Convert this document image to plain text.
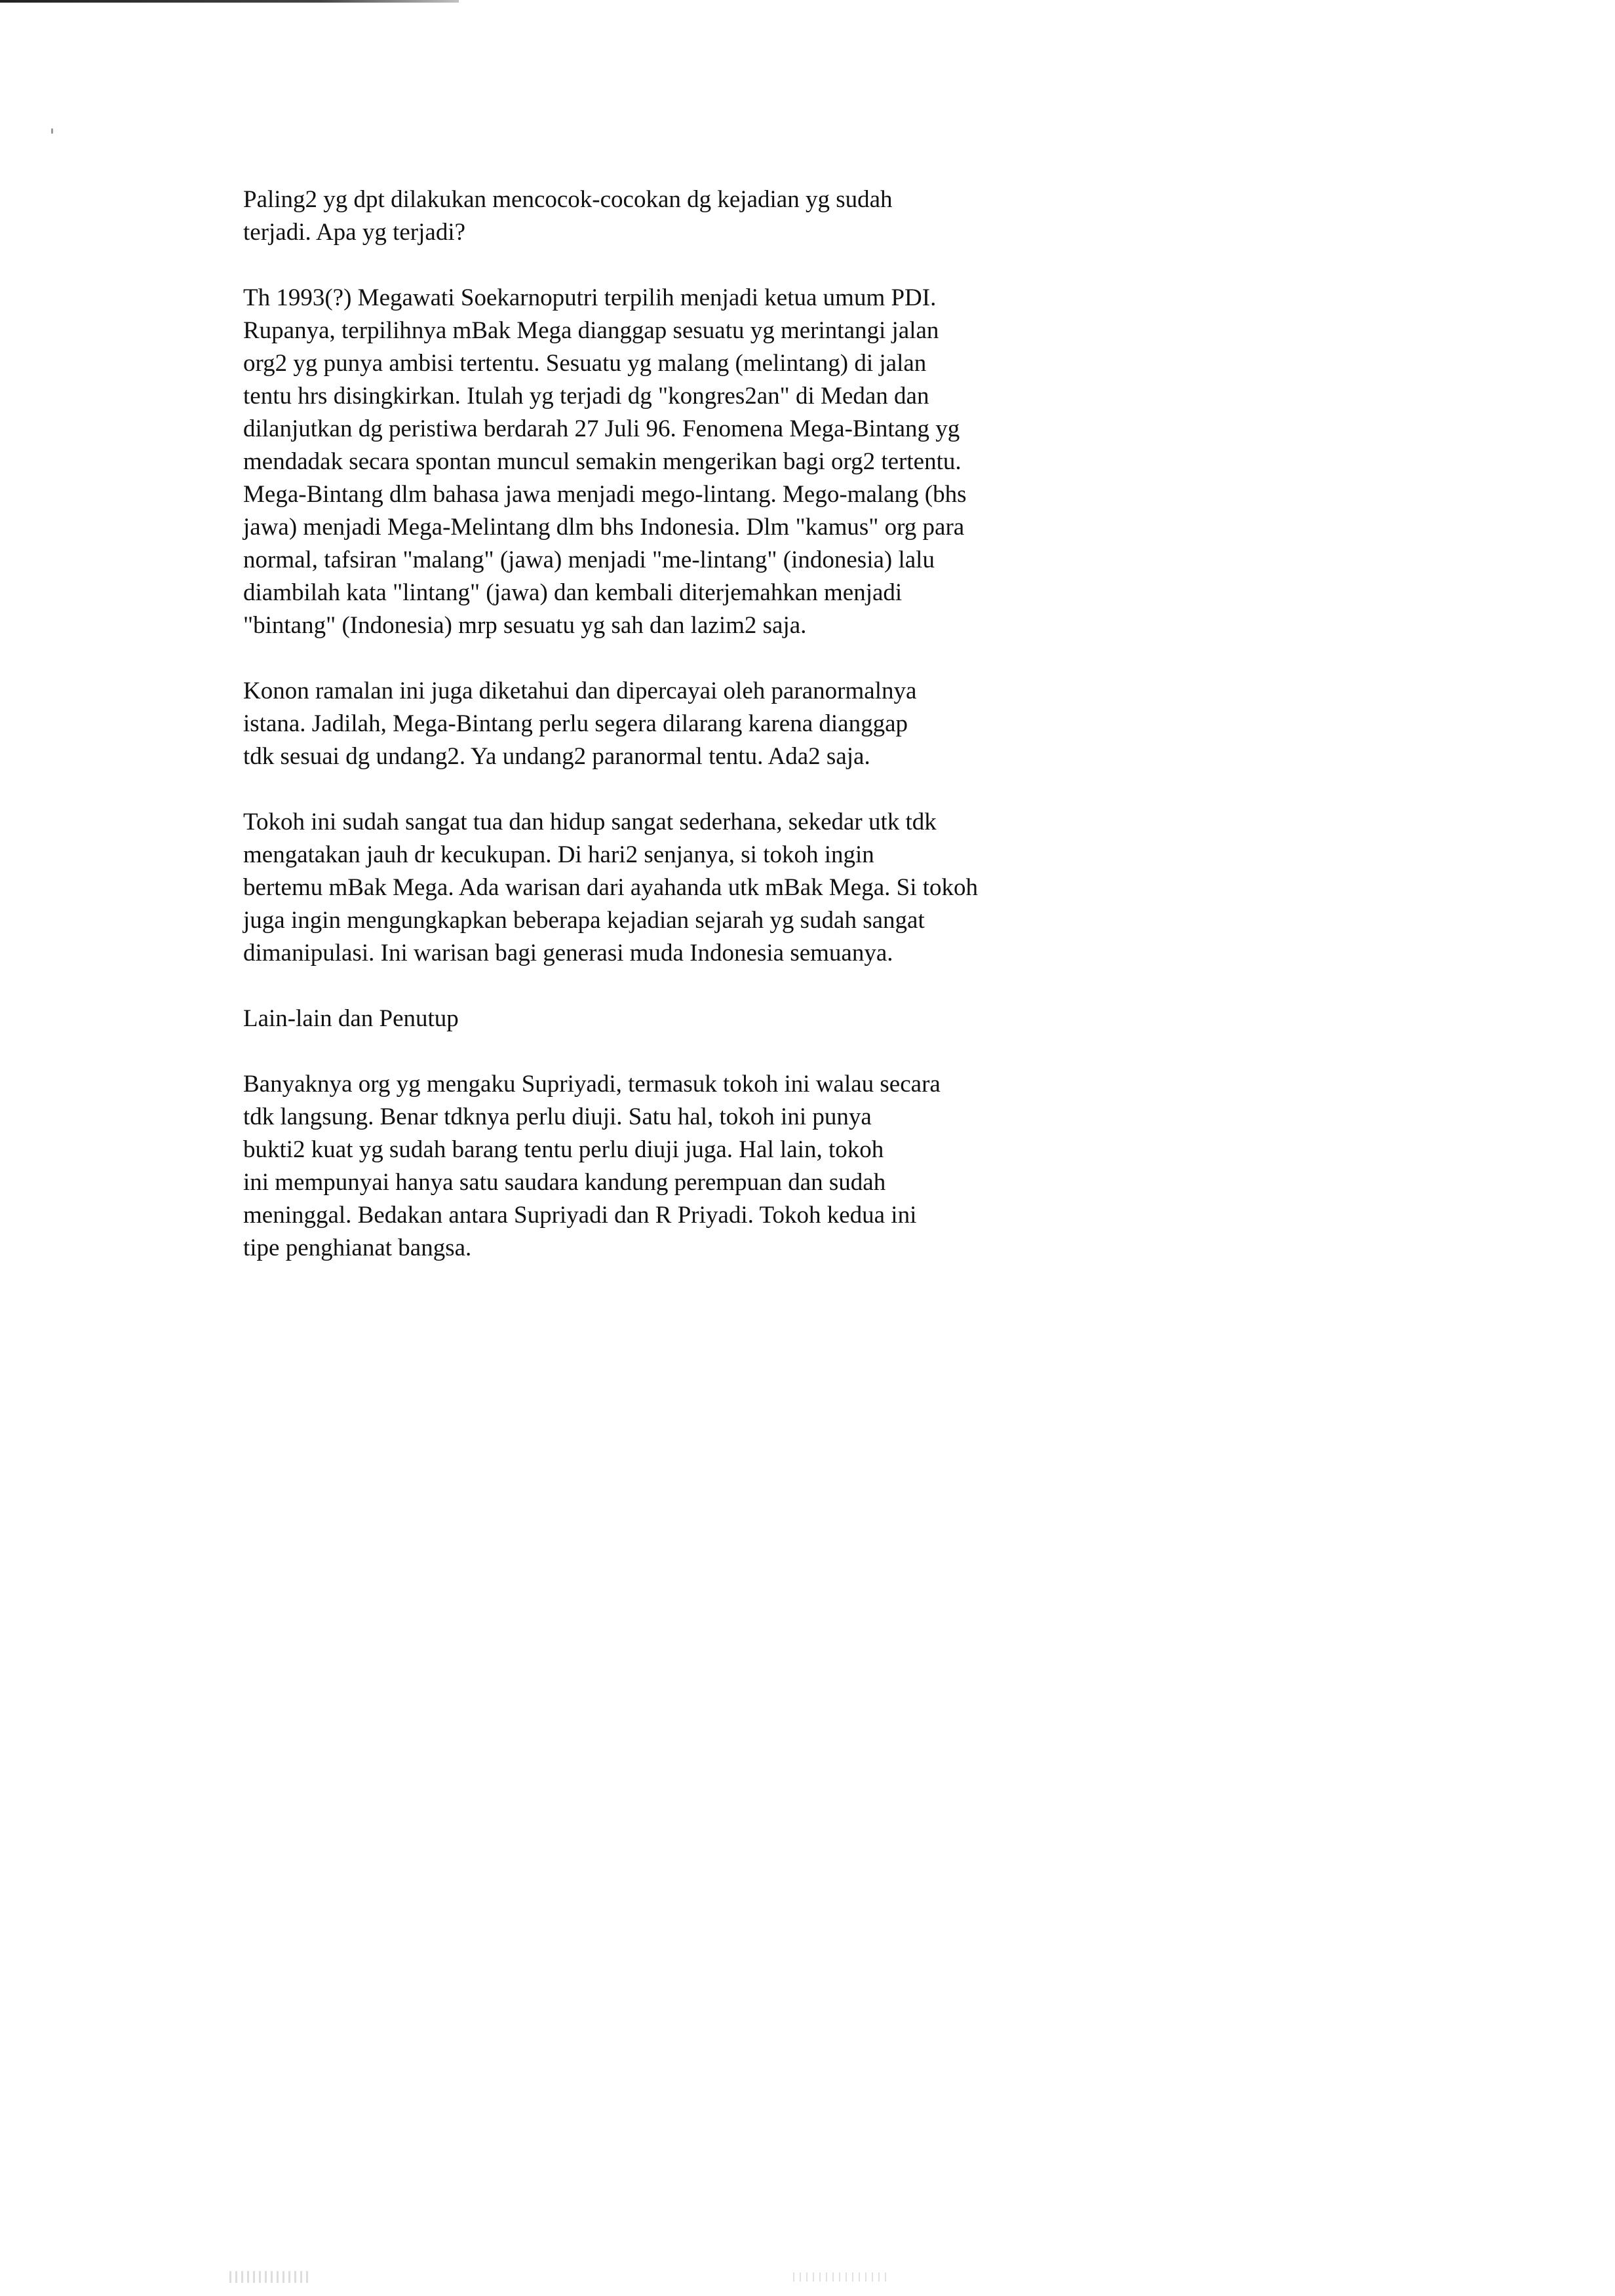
Paling2 yg dpt dilakukan mencocok-cocokan dg kejadian yg sudah
terjadi. Apa yg terjadi?

Th 1993(?) Megawati Soekarnoputri terpilih menjadi ketua umum PDI.
Rupanya, terpilihnya mBak Mega dianggap sesuatu yg merintangi jalan
org2 yg punya ambisi tertentu. Sesuatu yg malang (melintang) di jalan
tentu hrs disingkirkan. Itulah yg terjadi dg "kongres2an" di Medan dan
dilanjutkan dg peristiwa berdarah 27 Juli 96. Fenomena Mega-Bintang yg
mendadak secara spontan muncul semakin mengerikan bagi org2 tertentu.
Mega-Bintang dlm bahasa jawa menjadi mego-lintang. Mego-malang (bhs
jawa) menjadi Mega-Melintang dlm bhs Indonesia. Dlm "kamus" org para
normal, tafsiran "malang" (jawa) menjadi "me-lintang" (indonesia) lalu
diambilah kata "lintang" (jawa) dan kembali diterjemahkan menjadi
"bintang" (Indonesia) mrp sesuatu yg sah dan lazim2 saja.

Konon ramalan ini juga diketahui dan dipercayai oleh paranormalnya
istana. Jadilah, Mega-Bintang perlu segera dilarang karena dianggap
tdk sesuai dg undang2. Ya undang2 paranormal tentu. Ada2 saja.

Tokoh ini sudah sangat tua dan hidup sangat sederhana, sekedar utk tdk
mengatakan jauh dr kecukupan. Di hari2 senjanya, si tokoh ingin
bertemu mBak Mega. Ada warisan dari ayahanda utk mBak Mega. Si tokoh
juga ingin mengungkapkan beberapa kejadian sejarah yg sudah sangat
dimanipulasi. Ini warisan bagi generasi muda Indonesia semuanya.

Lain-lain dan Penutup

Banyaknya org yg mengaku Supriyadi, termasuk tokoh ini walau secara
tdk langsung. Benar tdknya perlu diuji. Satu hal, tokoh ini punya
bukti2 kuat yg sudah barang tentu perlu diuji juga. Hal lain, tokoh
ini mempunyai hanya satu saudara kandung perempuan dan sudah
meninggal. Bedakan antara Supriyadi dan R Priyadi. Tokoh kedua ini
tipe penghianat bangsa.
